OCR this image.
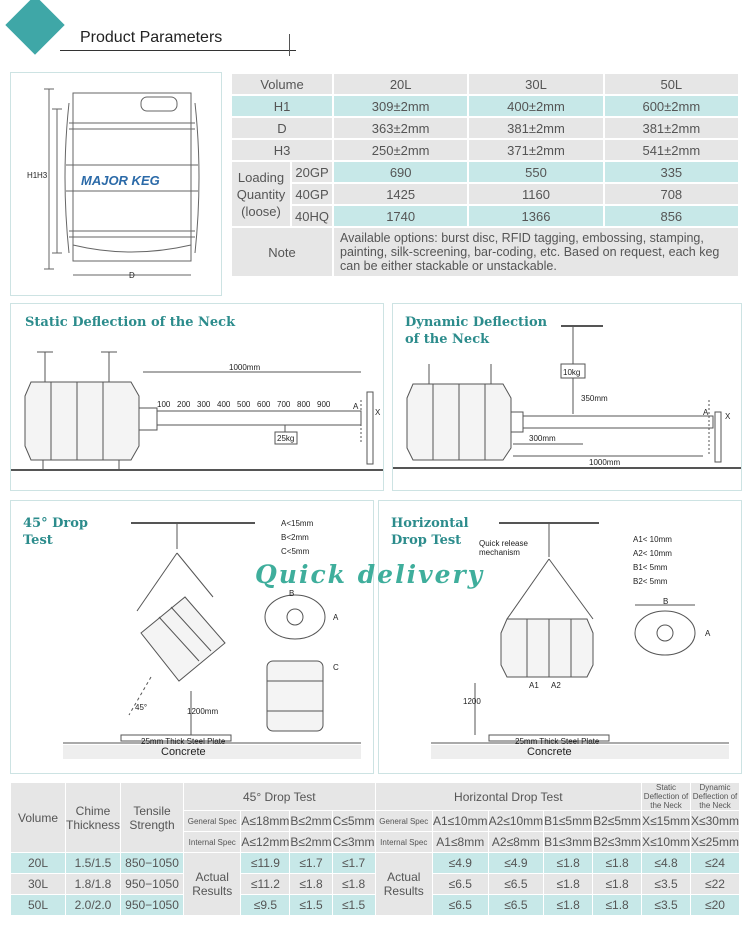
Product Parameters
H1 H3
D
MAJOR KEG
Volume		20L	30L	50L
H1		309±2mm	400±2mm	600±2mm
D		363±2mm	381±2mm	381±2mm
H3		250±2mm	371±2mm	541±2mm
Loading Quantity (loose)	20GP	690	550	335
	40GP	1425	1160	708
	40HQ	1740	1366	856
Note		Available options: burst disc, RFID tagging, embossing, stamping, painting, silk-screening, bar-coding, etc. Based on request, each keg can be either stackable or unstackable.		
Static Deflection of the Neck
1000mm
100 200 300 400 500 600 700 800 900
25kg
A
X
Dynamic Deflection of the Neck
10kg
350mm
300mm
1000mm
A X
45° Drop Test
A<15mm
B<2mm
C<5mm
45°	1200mm
25mm Thick Steel Plate
Concrete
A
B
C
Horizontal Drop Test	Quick release mechanism
A1< 10mm
A2< 10mm
B1< 5mm
B2< 5mm
A1 A2
1200
25mm Thick Steel Plate
Concrete
A
B
Quick delivery
Volume	Chime Thickness	Tensile Strength	45° Drop Test				Horizontal Drop Test					Static Deflection of the Neck	Dynamic Deflection of the Neck
			General Spec	A≤18mm	B≤2mm	C≤5mm	General Spec	A1≤10mm	A2≤10mm	B1≤5mm	B2≤5mm	X≤15mm	X≤30mm
			Internal Spec	A≤12mm	B≤2mm	C≤3mm	Internal Spec	A1≤8mm	A2≤8mm	B1≤3mm	B2≤3mm	X≤10mm	X≤25mm
20L	1.5/1.5	850−1050	Actual Results	≤11.9	≤1.7	≤1.7	Actual Results	≤4.9	≤4.9	≤1.8	≤1.8	≤4.8	≤24
30L	1.8/1.8	950−1050		≤11.2	≤1.8	≤1.8		≤6.5	≤6.5	≤1.8	≤1.8	≤3.5	≤22
50L	2.0/2.0	950−1050		≤9.5	≤1.5	≤1.5		≤6.5	≤6.5	≤1.8	≤1.8	≤3.5	≤20
